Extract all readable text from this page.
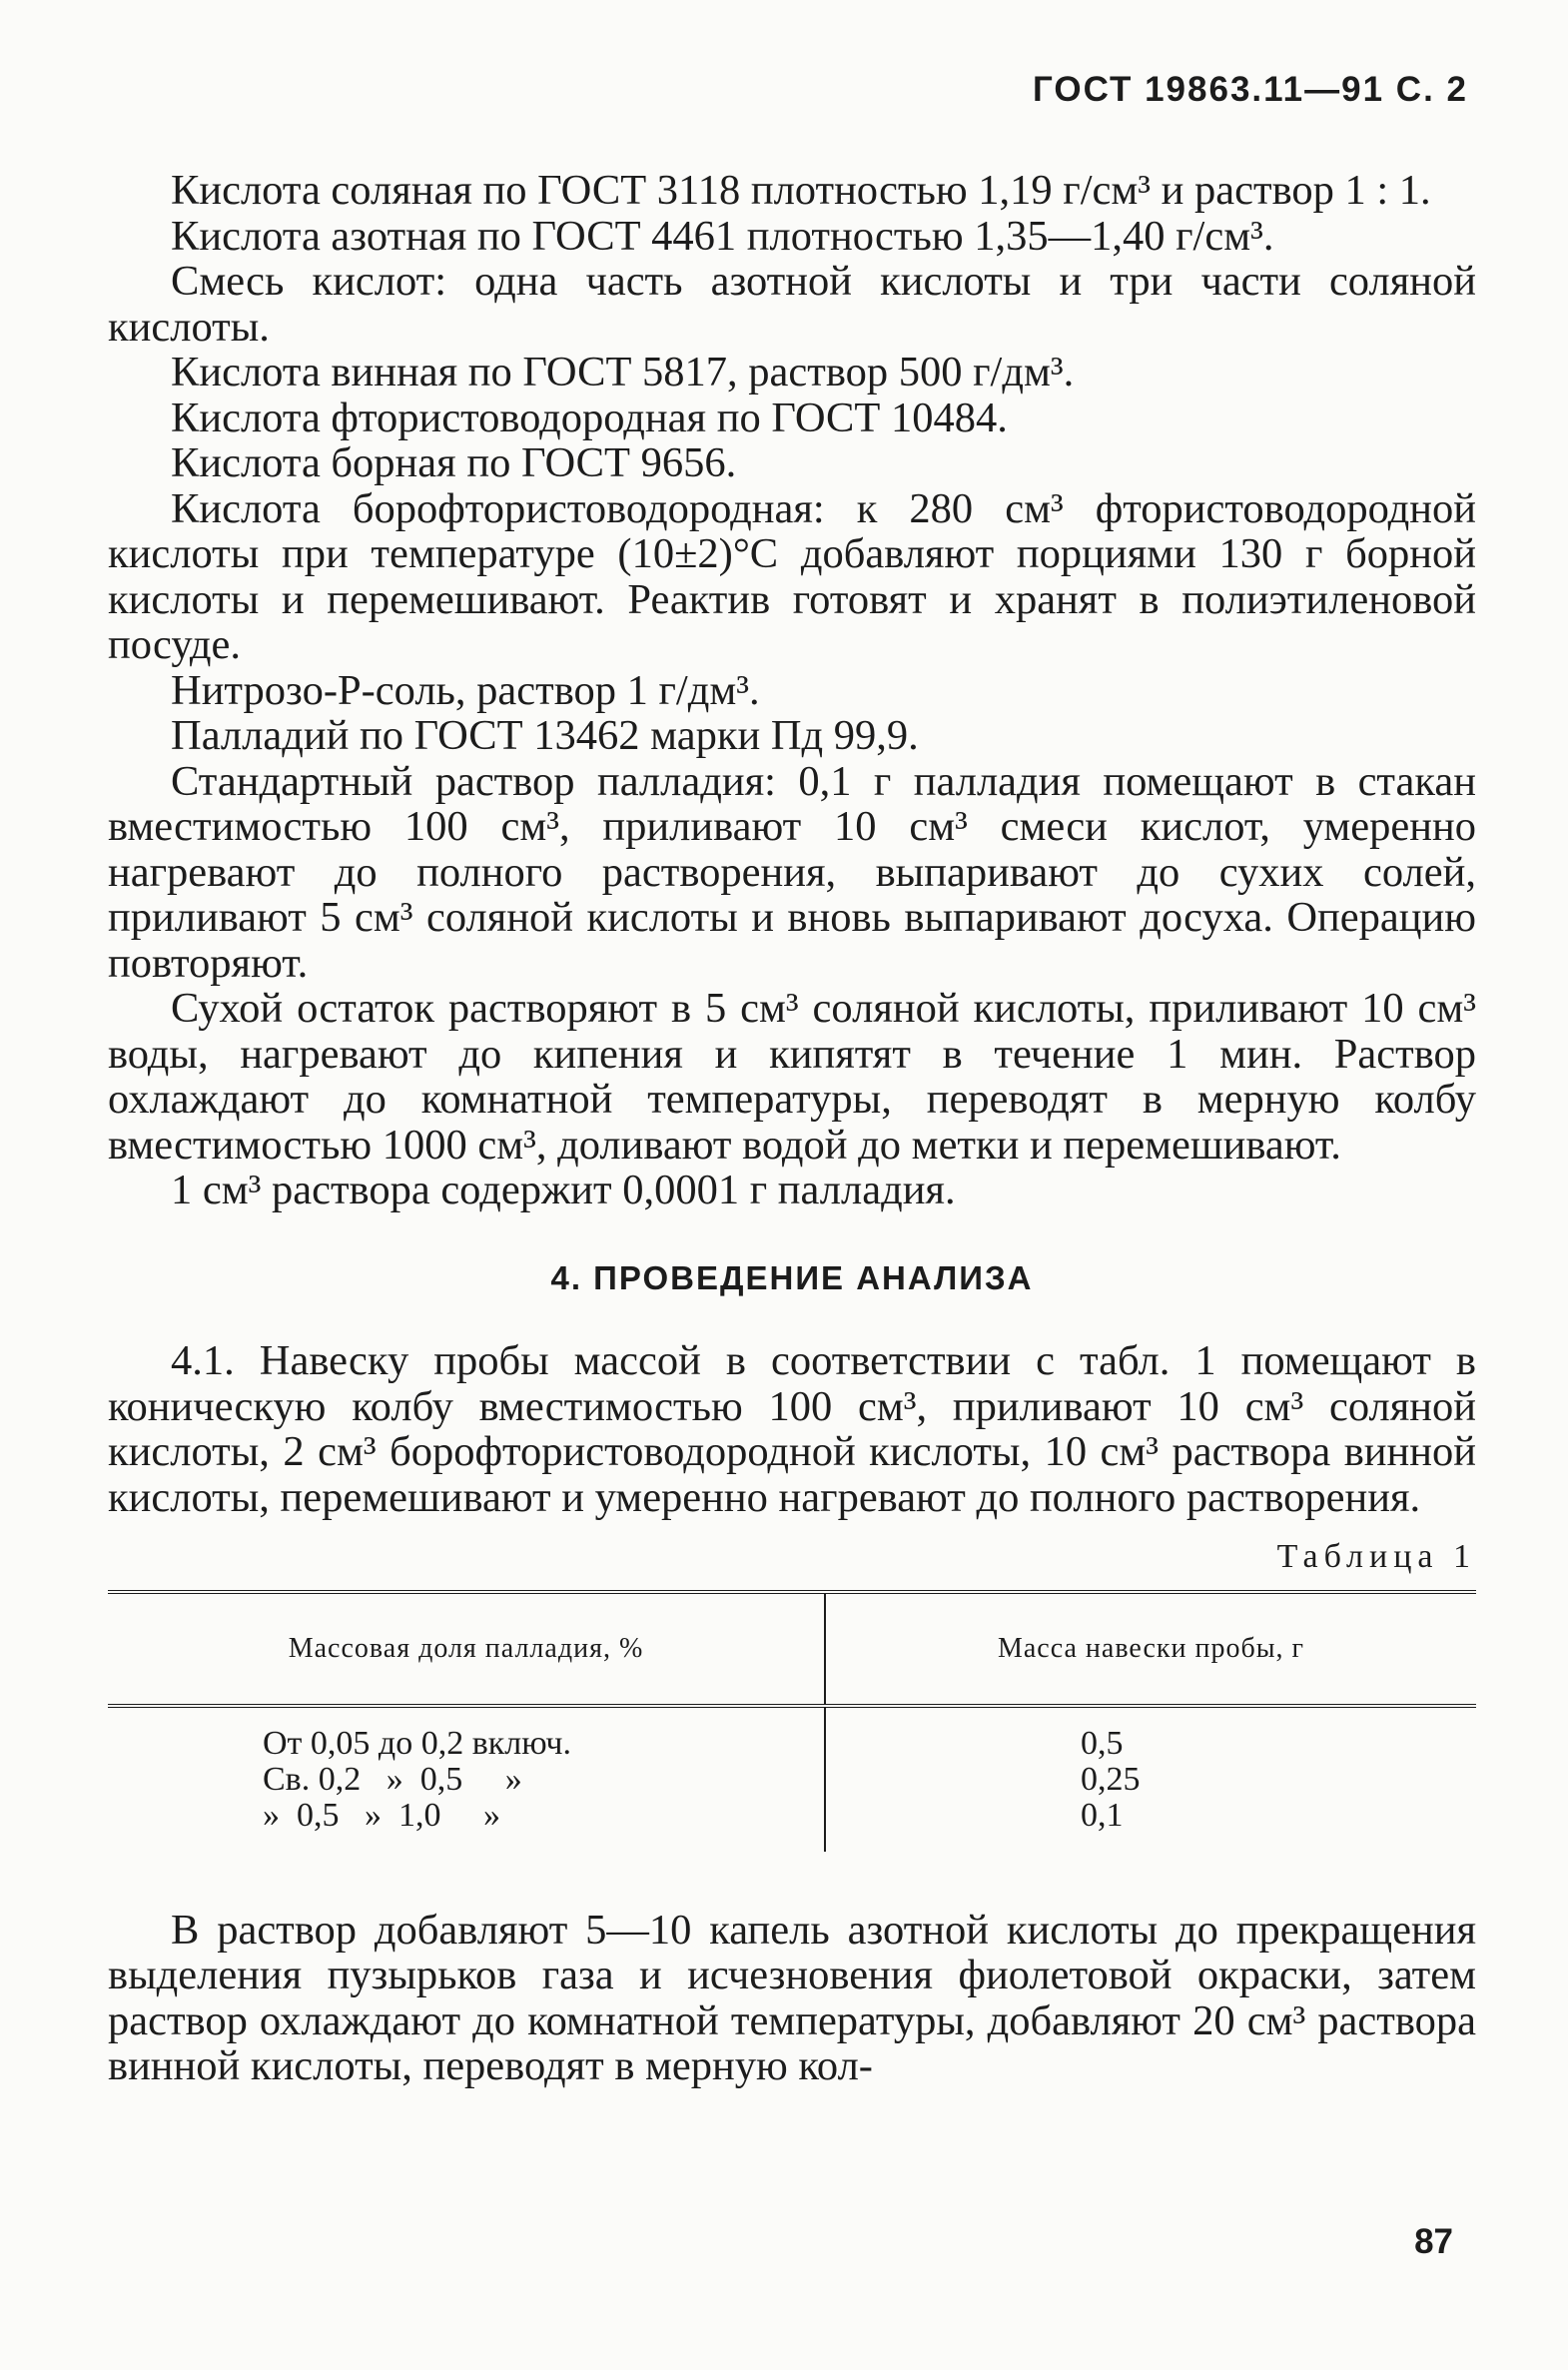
ГОСТ 19863.11—91 С. 2

Кислота соляная по ГОСТ 3118 плотностью 1,19 г/см³ и раствор 1 : 1.

Кислота азотная по ГОСТ 4461 плотностью 1,35—1,40 г/см³.

Смесь кислот: одна часть азотной кислоты и три части соляной кислоты.

Кислота винная по ГОСТ 5817, раствор 500 г/дм³.

Кислота фтористоводородная по ГОСТ 10484.

Кислота борная по ГОСТ 9656.

Кислота борофтористоводородная: к 280 см³ фтористоводородной кислоты при температуре (10±2)°С добавляют порциями 130 г борной кислоты и перемешивают. Реактив готовят и хранят в полиэтиленовой посуде.

Нитрозо-Р-соль, раствор 1 г/дм³.

Палладий по ГОСТ 13462 марки Пд 99,9.

Стандартный раствор палладия: 0,1 г палладия помещают в стакан вместимостью 100 см³, приливают 10 см³ смеси кислот, умеренно нагревают до полного растворения, выпаривают до сухих солей, приливают 5 см³ соляной кислоты и вновь выпаривают досуха. Операцию повторяют.

Сухой остаток растворяют в 5 см³ соляной кислоты, приливают 10 см³ воды, нагревают до кипения и кипятят в течение 1 мин. Раствор охлаждают до комнатной температуры, переводят в мерную колбу вместимостью 1000 см³, доливают водой до метки и перемешивают.

1 см³ раствора содержит 0,0001 г палладия.

4. ПРОВЕДЕНИЕ АНАЛИЗА

4.1. Навеску пробы массой в соответствии с табл. 1 помещают в коническую колбу вместимостью 100 см³, приливают 10 см³ соляной кислоты, 2 см³ борофтористоводородной кислоты, 10 см³ раствора винной кислоты, перемешивают и умеренно нагревают до полного растворения.

Таблица 1
Массовая доля палладия, %	Масса навески пробы, г
От 0,05 до 0,2 включ.
Св. 0,2   »  0,5     »
»  0,5   »  1,0     »
0,5
0,25
0,1

В раствор добавляют 5—10 капель азотной кислоты до прекращения выделения пузырьков газа и исчезновения фиолетовой окраски, затем раствор охлаждают до комнатной температуры, добавляют 20 см³ раствора винной кислоты, переводят в мерную кол-

87
